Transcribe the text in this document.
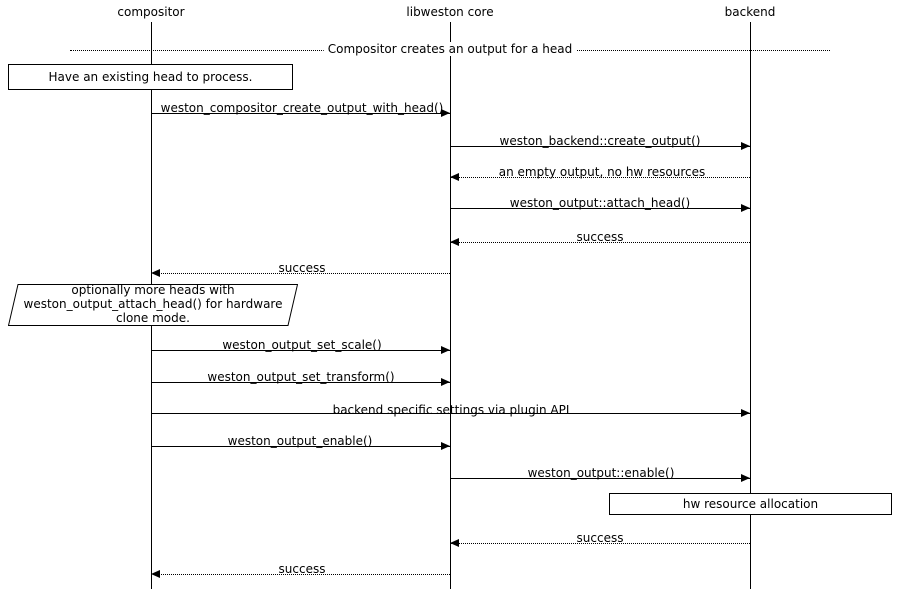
compositor	libweston core	backend
Compositor creates an output for a head
weston_compositor_create_output_with_head()
weston_backend::create_output()
an empty output, no hw resources
weston_output::attach_head()
success
success
weston_output_set_scale()
weston_output_set_transform()
backend specific settings via plugin API
weston_output_enable()
weston_output::enable()
success
success
Have an existing head to process.
optionally more heads with
weston_output_attach_head() for hardware
clone mode.
hw resource allocation
